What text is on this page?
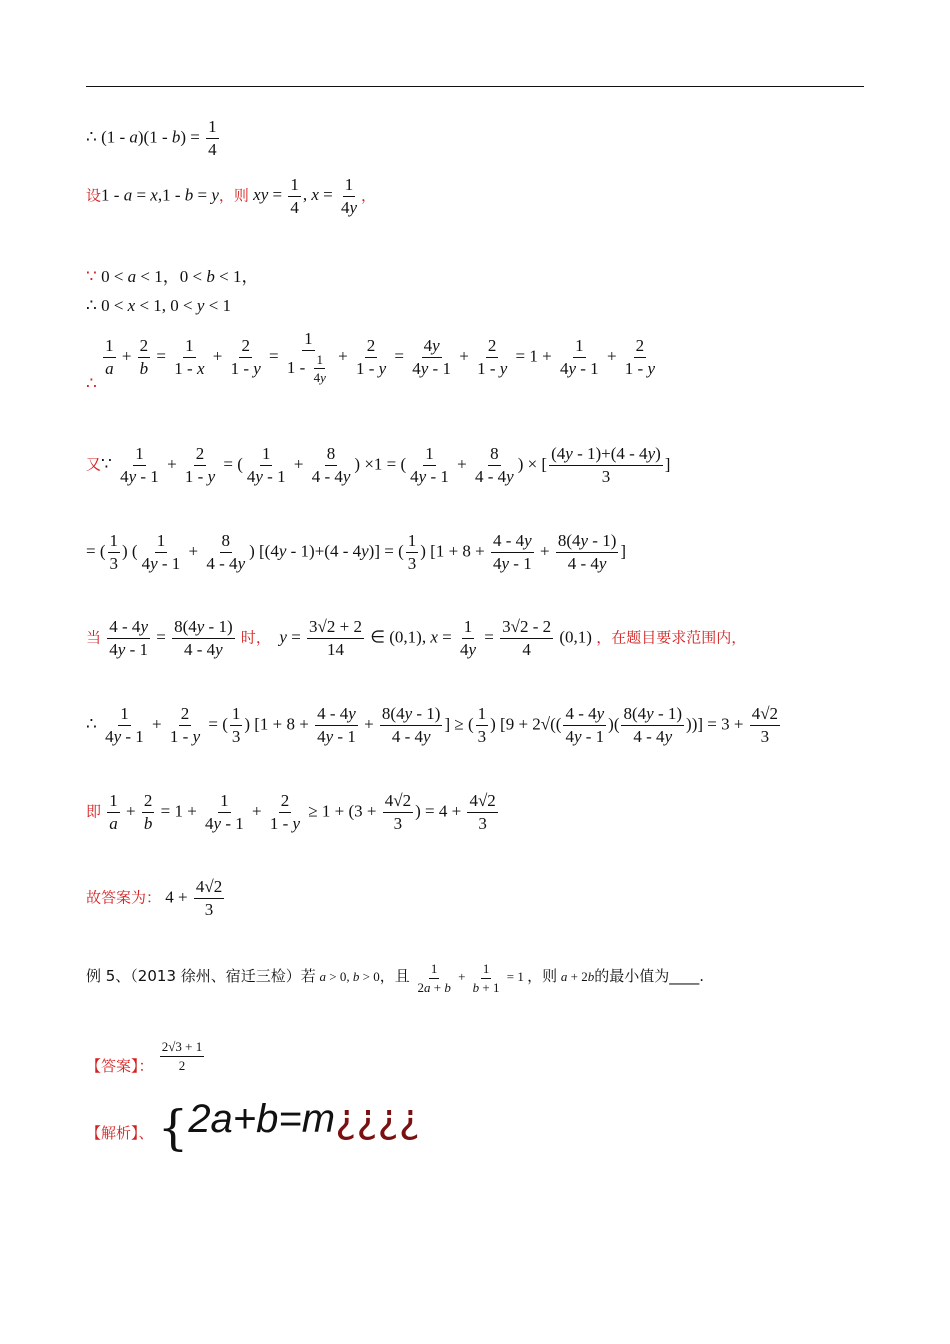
∴ $(1 - a)(1 - b) = \frac{1}{4}$
设1 - a = x,1 - b = y，则 xy = $\frac{1}{4}$ , $x = \frac{1}{4y}$ ，
∵ 0 < a < 1，0 < b < 1，
∴ 0 < x < 1, 0 < y < 1
∴
$\frac{1}{a} + \frac{2}{b} = \frac{1}{1 - x} + \frac{2}{1 - y} = \frac{1}{1 - \frac{1}{4y}} + \frac{2}{1 - y} = \frac{4y}{4y - 1} + \frac{2}{1 - y} = 1 + \frac{1}{4y - 1} + \frac{2}{1 - y}$
又∵ $\frac{1}{4y - 1} + \frac{2}{1 - y}$ = ( $\frac{1}{4y - 1} + \frac{8}{4 - 4y}$ ) ×1 = ( $\frac{1}{4y - 1} + \frac{8}{4 - 4y}$ ) × [ $\frac{(4y - 1)+(4 - 4y)}{3}$ ]
= ( $\frac{1}{3}$ ) ( $\frac{1}{4y - 1} + \frac{8}{4 - 4y}$ ) [(4y - 1)+(4 - 4y)] = ( $\frac{1}{3}$ ) [$1 + 8 + \frac{4 - 4y}{4y - 1} + \frac{8(4y - 1)}{4 - 4y}$ ]
当 $\frac{4 - 4y}{4y - 1} = \frac{8(4y - 1)}{4 - 4y}$ 时， $y = \frac{3√2 + 2}{14}$ ∈ (0,1), $x = \frac{1}{4y} = \frac{3√2 - 2}{4} (0,1)$ ，在题目要求范围内，
∴ $\frac{1}{4y - 1} + \frac{2}{1 - y}$ = ( $\frac{1}{3}$ ) [$1 + 8 + \frac{4 - 4y}{4y - 1} + \frac{8(4y - 1)}{4 - 4y}$ ] ≥ ( $\frac{1}{3}$ ) [$9 + 2√(( \frac{4 - 4y}{4y - 1}$ )( $\frac{8(4y - 1)}{4 - 4y}$ ))] = $3 + \frac{4√2}{3}$
即 $\frac{1}{a} + \frac{2}{b} = 1 + \frac{1}{4y - 1} + \frac{2}{1 - y} \ge 1 + (3 + \frac{4√2}{3}$ ) = $4 + \frac{4√2}{3}$
故答案为： $4 + \frac{4√2}{3}$
例 5、（2013 徐州、宿迁三检）若 a > 0, b > 0，且 $\frac{1}{2a + b} + \frac{1}{b + 1} = 1$ ，则 a + 2b的最小值为____.
【答案】： $\frac{2√3 + 1}{2}$
【解析】、 {2a+b=m¿¿¿¿
